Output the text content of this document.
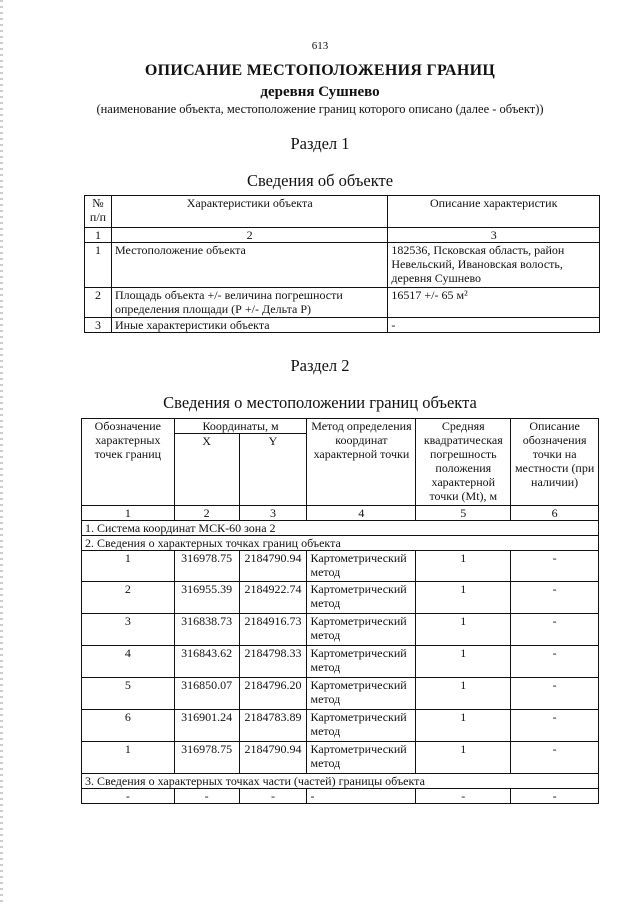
613
ОПИСАНИЕ МЕСТОПОЛОЖЕНИЯ ГРАНИЦ
деревня Сушнево
(наименование объекта, местоположение границ которого описано (далее - объект))
Раздел 1
Сведения об объекте
№ п/п	Характеристики объекта	Описание характеристик
1	2	3
1	Местоположение объекта	182536, Псковская область, район Невельский, Ивановская волость, деревня Сушнево
2	Площадь объекта +/- величина погрешности определения площади (Р +/- Дельта Р)	16517 +/- 65 м²
3	Иные характеристики объекта	-
Раздел 2
Сведения о местоположении границ объекта
Обозначение характерных точек границ	Координаты, м		Метод определения координат характерной точки	Средняя квадратическая погрешность положения характерной точки (Mt), м	Описание обозначения точки на местности (при наличии)
	X	Y			
1	2	3	4	5	6
1. Система координат МСК-60 зона 2					
2. Сведения о характерных точках границ объекта					
1	316978.75	2184790.94	Картометрический метод	1	-
2	316955.39	2184922.74	Картометрический метод	1	-
3	316838.73	2184916.73	Картометрический метод	1	-
4	316843.62	2184798.33	Картометрический метод	1	-
5	316850.07	2184796.20	Картометрический метод	1	-
6	316901.24	2184783.89	Картометрический метод	1	-
1	316978.75	2184790.94	Картометрический метод	1	-
3. Сведения о характерных точках части (частей) границы объекта					
-	-	-	-	-	-
